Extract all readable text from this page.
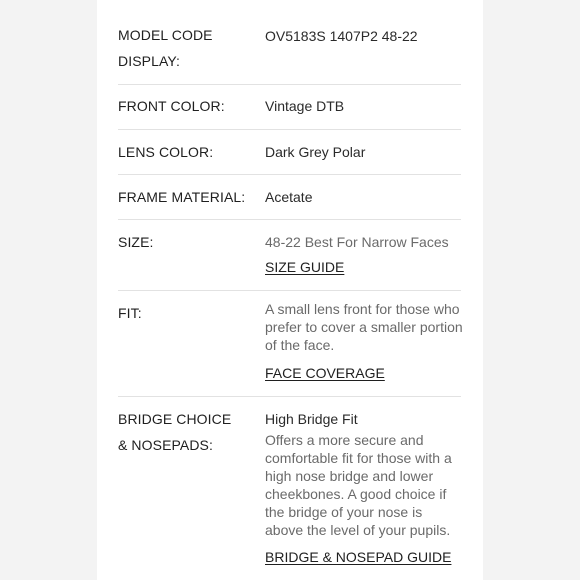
MODEL CODE DISPLAY:
OV5183S 1407P2 48-22
FRONT COLOR:	Vintage DTB
LENS COLOR:	Dark Grey Polar
FRAME MATERIAL:	Acetate
SIZE:	48-22 Best For Narrow Faces
SIZE GUIDE
FIT:	A small lens front for those who prefer to cover a smaller portion of the face.
FACE COVERAGE
BRIDGE CHOICE & NOSEPADS:
High Bridge Fit
Offers a more secure and comfortable fit for those with a high nose bridge and lower cheekbones. A good choice if the bridge of your nose is above the level of your pupils.
BRIDGE & NOSEPAD GUIDE
